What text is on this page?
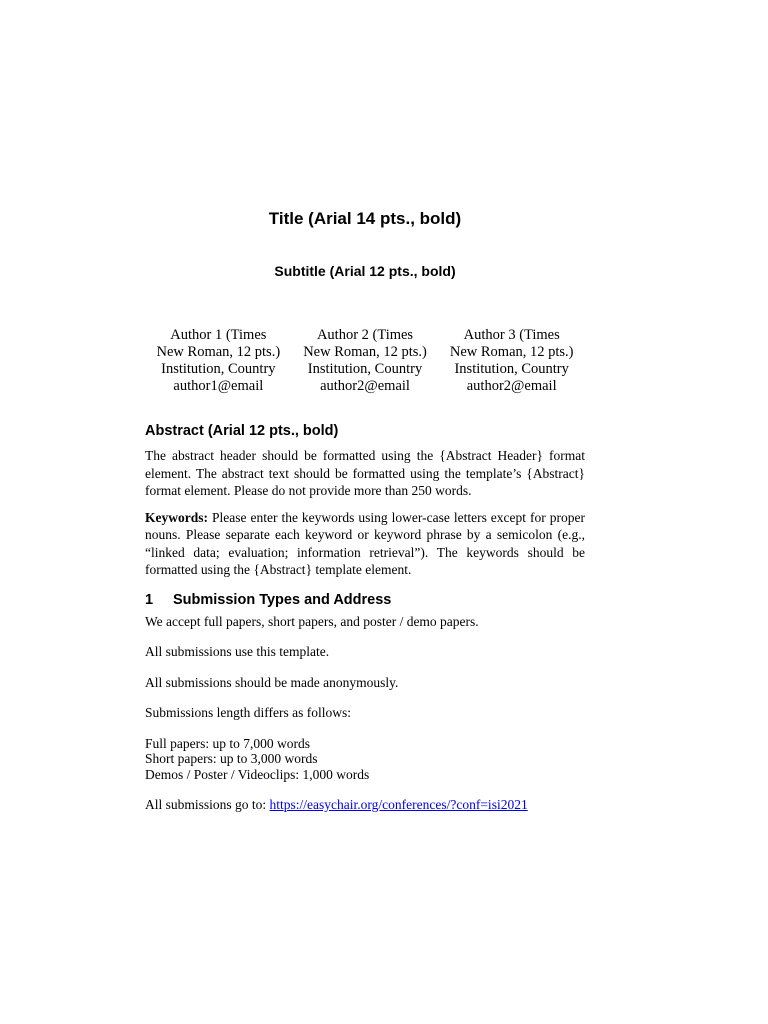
Title (Arial 14 pts., bold)
Subtitle (Arial 12 pts., bold)
Author 1 (Times
New Roman, 12 pts.)
Institution, Country
author1@email
Author 2 (Times
New Roman, 12 pts.)
Institution, Country
author2@email
Author 3 (Times
New Roman, 12 pts.)
Institution, Country
author2@email
Abstract (Arial 12 pts., bold)

The abstract header should be formatted using the {Abstract Header} format element. The abstract text should be formatted using the template’s {Abstract} format element. Please do not provide more than 250 words.

Keywords: Please enter the keywords using lower-case letters except for proper nouns. Please separate each keyword or keyword phrase by a semicolon (e.g., “linked data; evaluation; information retrieval”). The keywords should be formatted using the {Abstract} template element.

1	Submission Types and Address

We accept full papers, short papers, and poster / demo papers.

All submissions use this template.

All submissions should be made anonymously.

Submissions length differs as follows:

Full papers: up to 7,000 words

Short papers: up to 3,000 words

Demos / Poster / Videoclips: 1,000 words

All submissions go to: https://easychair.org/conferences/?conf=isi2021
